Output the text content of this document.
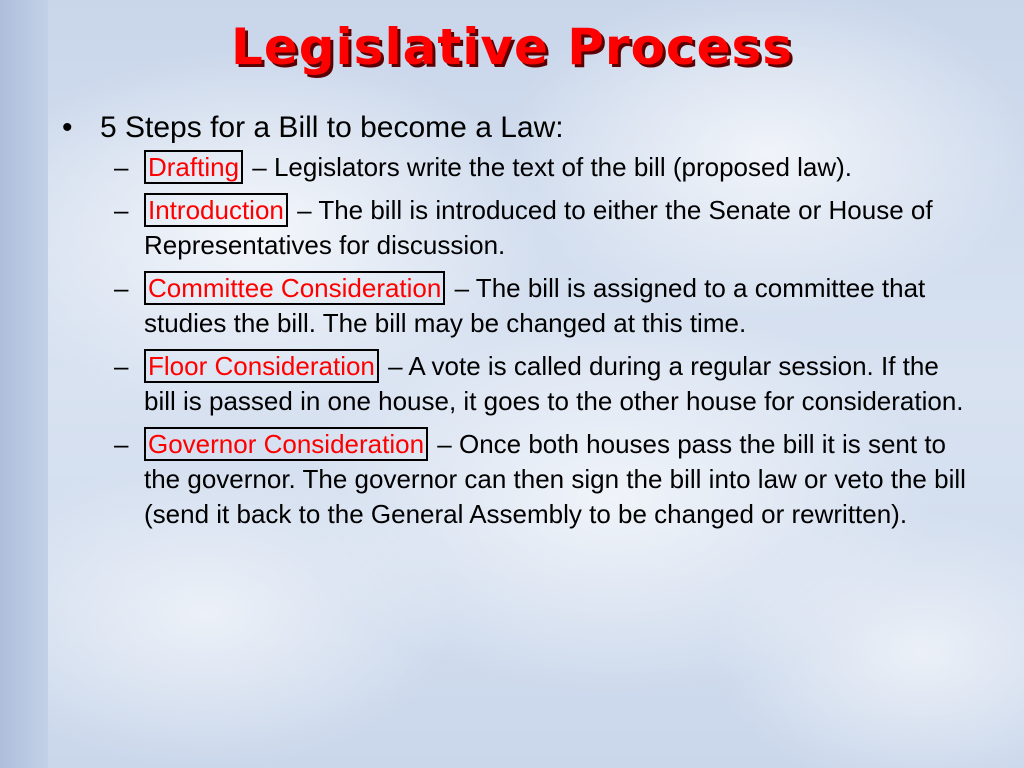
Legislative Process
• 5 Steps for a Bill to become a Law:
– Drafting – Legislators write the text of the bill (proposed law).
– Introduction – The bill is introduced to either the Senate or House of Representatives for discussion.
– Committee Consideration – The bill is assigned to a committee that studies the bill. The bill may be changed at this time.
– Floor Consideration – A vote is called during a regular session. If the bill is passed in one house, it goes to the other house for consideration.
– Governor Consideration – Once both houses pass the bill it is sent to the governor. The governor can then sign the bill into law or veto the bill (send it back to the General Assembly to be changed or rewritten).
